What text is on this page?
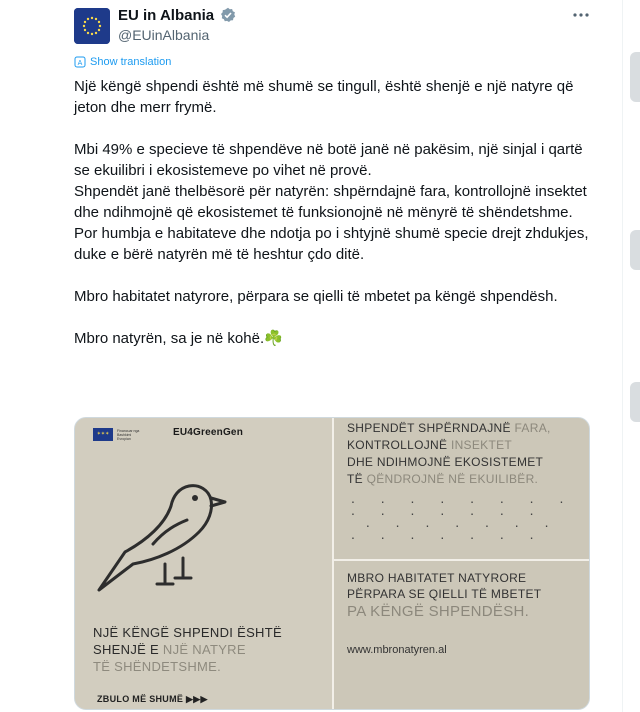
EU in Albania
@EUinAlbania
A Show translation

Një këngë shpendi është më shumë se tingull, është shenjë e një natyre që jeton dhe merr frymë.

Mbi 49% e specieve të shpendëve në botë janë në pakësim, një sinjal i qartë se ekuilibri i ekosistemeve po vihet në provë.

Shpendët janë thelbësorë për natyrën: shpërndajnë fara, kontrollojnë insektet dhe ndihmojnë që ekosistemet të funksionojnë në mënyrë të shëndetshme.

Por humbja e habitateve dhe ndotja po i shtyjnë shumë specie drejt zhdukjes, duke e bërë natyrën më të heshtur çdo ditë.

Mbro habitatet natyrore, përpara se qielli të mbetet pa këngë shpendësh.

Mbro natyrën, sa je në kohë.☘️

✶✶✶
Financuar nga Bashkimi Evropian
EU4GreenGen
NJË KËNGË SHPENDI ËSHTË
SHENJË E NJË NATYRE
TË SHËNDETSHME.
ZBULO MË SHUMË ▶▶▶
SHPENDËT SHPËRNDAJNË FARA,
KONTROLLOJNË INSEKTET
DHE NDIHMOJNË EKOSISTEMET
TË QËNDROJNË NË EKUILIBËR.
. . . . . . . . . . . . . . .
. . . . . . . . . . . . . .
MBRO HABITATET NATYRORE
PËRPARA SE QIELLI TË MBETET
PA KËNGË SHPENDËSH.
www.mbronatyren.al
